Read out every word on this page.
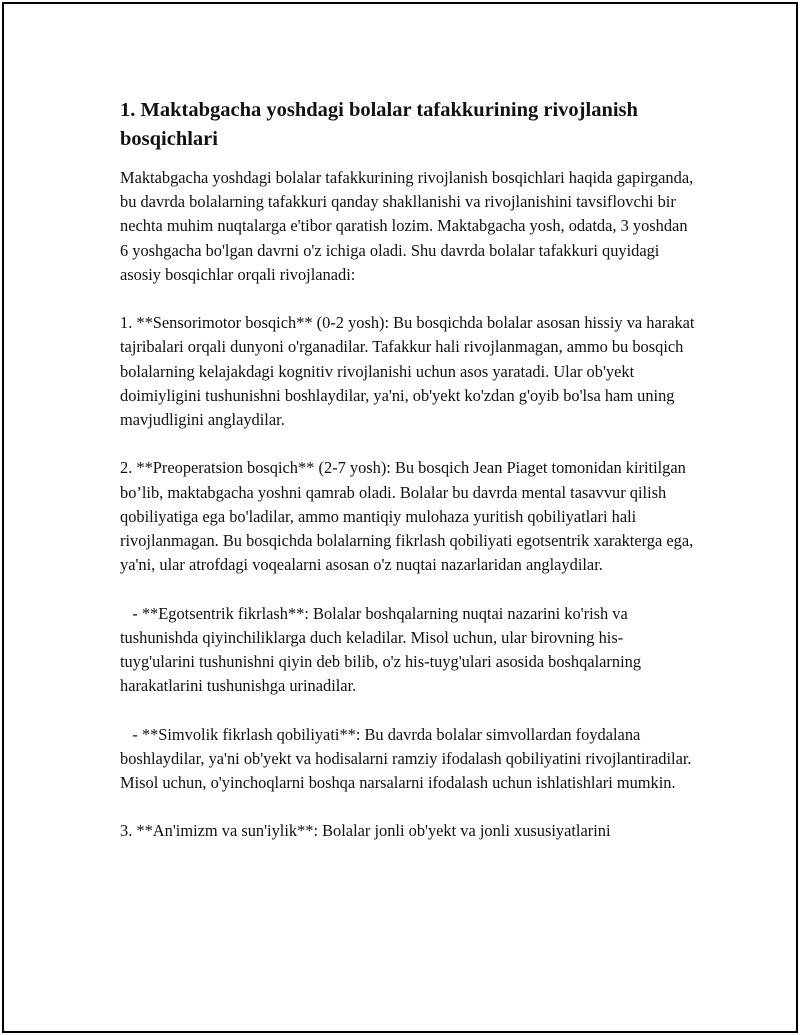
1. Maktabgacha yoshdagi bolalar tafakkurining rivojlanish bosqichlari

Maktabgacha yoshdagi bolalar tafakkurining rivojlanish bosqichlari haqida gapirganda, bu davrda bolalarning tafakkuri qanday shakllanishi va rivojlanishini tavsiflovchi bir nechta muhim nuqtalarga e'tibor qaratish lozim. Maktabgacha yosh, odatda, 3 yoshdan 6 yoshgacha bo'lgan davrni o'z ichiga oladi. Shu davrda bolalar tafakkuri quyidagi asosiy bosqichlar orqali rivojlanadi:

1. **Sensorimotor bosqich** (0-2 yosh): Bu bosqichda bolalar asosan hissiy va harakat tajribalari orqali dunyoni o'rganadilar. Tafakkur hali rivojlanmagan, ammo bu bosqich bolalarning kelajakdagi kognitiv rivojlanishi uchun asos yaratadi. Ular ob'yekt doimiyligini tushunishni boshlaydilar, ya'ni, ob'yekt ko'zdan g'oyib bo'lsa ham uning mavjudligini anglaydilar.

2. **Preoperatsion bosqich** (2-7 yosh): Bu bosqich Jean Piaget tomonidan kiritilgan bo’lib, maktabgacha yoshni qamrab oladi. Bolalar bu davrda mental tasavvur qilish qobiliyatiga ega bo'ladilar, ammo mantiqiy mulohaza yuritish qobiliyatlari hali rivojlanmagan. Bu bosqichda bolalarning fikrlash qobiliyati egotsentrik xarakterga ega, ya'ni, ular atrofdagi voqealarni asosan o'z nuqtai nazarlaridan anglaydilar.

- **Egotsentrik fikrlash**: Bolalar boshqalarning nuqtai nazarini ko'rish va tushunishda qiyinchiliklarga duch keladilar. Misol uchun, ular birovning his-tuyg'ularini tushunishni qiyin deb bilib, o'z his-tuyg'ulari asosida boshqalarning harakatlarini tushunishga urinadilar.

- **Simvolik fikrlash qobiliyati**: Bu davrda bolalar simvollardan foydalana boshlaydilar, ya'ni ob'yekt va hodisalarni ramziy ifodalash qobiliyatini rivojlantiradilar. Misol uchun, o'yinchoqlarni boshqa narsalarni ifodalash uchun ishlatishlari mumkin.

3. **An'imizm va sun'iylik**: Bolalar jonli ob'yekt va jonli xususiyatlarini
